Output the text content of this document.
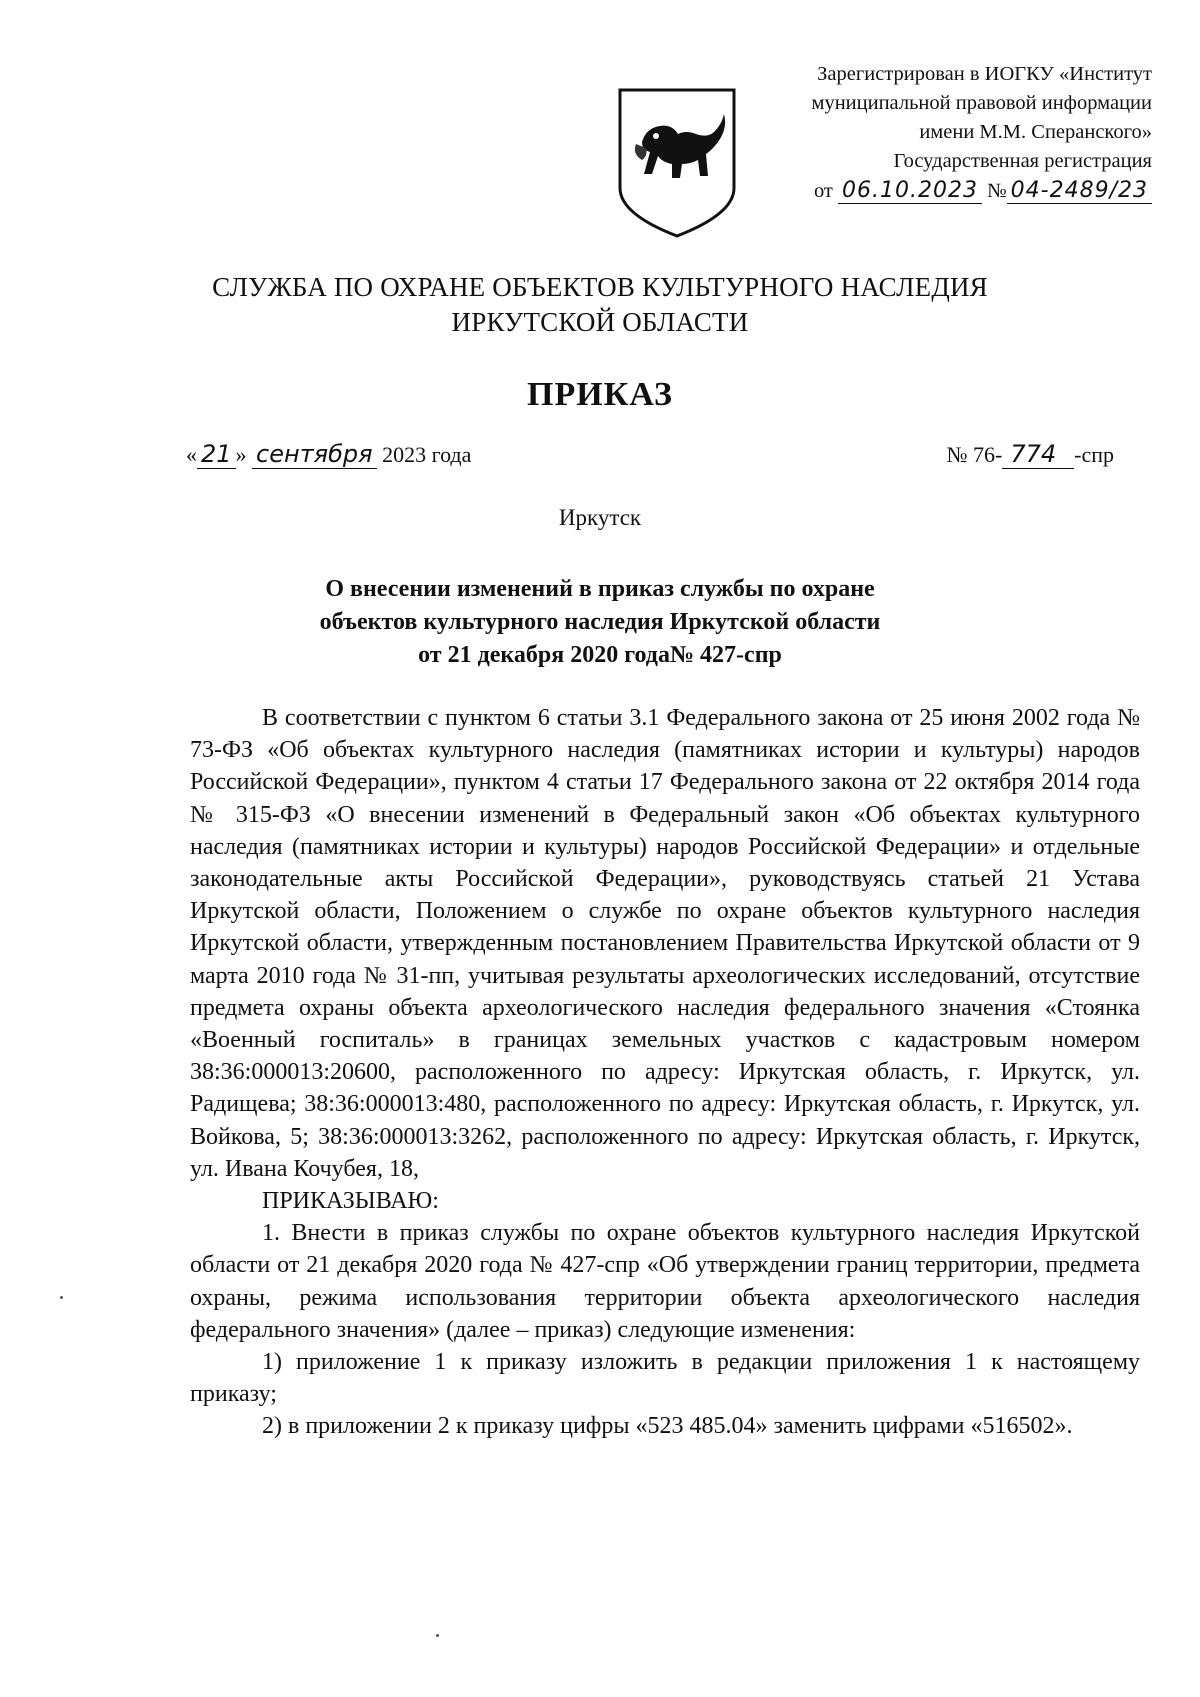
Зарегистрирован в ИОГКУ «Институт
муниципальной правовой информации
имени М.М. Сперанского»
Государственная регистрация
от 06.10.2023 № 04-2489/23
СЛУЖБА ПО ОХРАНЕ ОБЪЕКТОВ КУЛЬТУРНОГО НАСЛЕДИЯ
ИРКУТСКОЙ ОБЛАСТИ
ПРИКАЗ
« 21 » сентября 2023 года	№ 76- 774 -спр
Иркутск
О внесении изменений в приказ службы по охране
объектов культурного наследия Иркутской области
от 21 декабря 2020 года№ 427-спр

В соответствии с пунктом 6 статьи 3.1 Федерального закона от 25 июня 2002 года № 73-ФЗ «Об объектах культурного наследия (памятниках истории и культуры) народов Российской Федерации», пунктом 4 статьи 17 Федерального закона от 22 октября 2014 года № 315-ФЗ «О внесении изменений в Федеральный закон «Об объектах культурного наследия (памятниках истории и культуры) народов Российской Федерации» и отдельные законодательные акты Российской Федерации», руководствуясь статьей 21 Устава Иркутской области, Положением о службе по охране объектов культурного наследия Иркутской области, утвержденным постановлением Правительства Иркутской области от 9 марта 2010 года № 31-пп, учитывая результаты археологических исследований, отсутствие предмета охраны объекта археологического наследия федерального значения «Стоянка «Военный госпиталь» в границах земельных участков с кадастровым номером 38:36:000013:20600, расположенного по адресу: Иркутская область, г. Иркутск, ул. Радищева; 38:36:000013:480, расположенного по адресу: Иркутская область, г. Иркутск, ул. Войкова, 5; 38:36:000013:3262, расположенного по адресу: Иркутская область, г. Иркутск, ул. Ивана Кочубея, 18,

ПРИКАЗЫВАЮ:

1. Внести в приказ службы по охране объектов культурного наследия Иркутской области от 21 декабря 2020 года № 427-спр «Об утверждении границ территории, предмета охраны, режима использования территории объекта археологического наследия федерального значения» (далее – приказ) следующие изменения:

1) приложение 1 к приказу изложить в редакции приложения 1 к настоящему приказу;

2) в приложении 2 к приказу цифры «523 485.04» заменить цифрами «516502».
